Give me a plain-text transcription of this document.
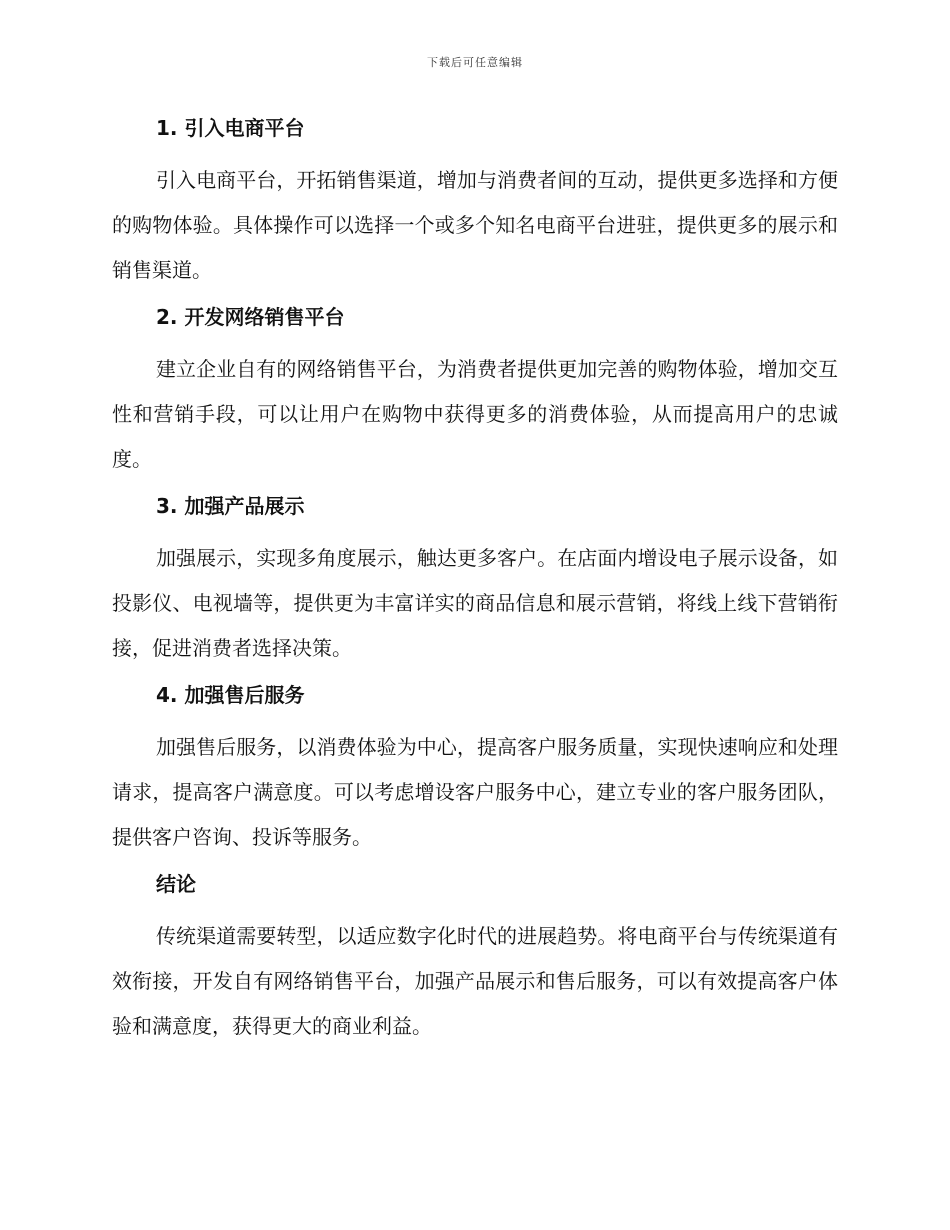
下载后可任意编辑
1. 引入电商平台

引入电商平台，开拓销售渠道，增加与消费者间的互动，提供更多选择和方便的购物体验。具体操作可以选择一个或多个知名电商平台进驻，提供更多的展示和销售渠道。

2. 开发网络销售平台

建立企业自有的网络销售平台，为消费者提供更加完善的购物体验，增加交互性和营销手段，可以让用户在购物中获得更多的消费体验，从而提高用户的忠诚度。

3. 加强产品展示

加强展示，实现多角度展示，触达更多客户。在店面内增设电子展示设备，如投影仪、电视墙等，提供更为丰富详实的商品信息和展示营销，将线上线下营销衔接，促进消费者选择决策。

4. 加强售后服务

加强售后服务，以消费体验为中心，提高客户服务质量，实现快速响应和处理请求，提高客户满意度。可以考虑增设客户服务中心，建立专业的客户服务团队，提供客户咨询、投诉等服务。

结论

传统渠道需要转型，以适应数字化时代的进展趋势。将电商平台与传统渠道有效衔接，开发自有网络销售平台，加强产品展示和售后服务，可以有效提高客户体验和满意度，获得更大的商业利益。
